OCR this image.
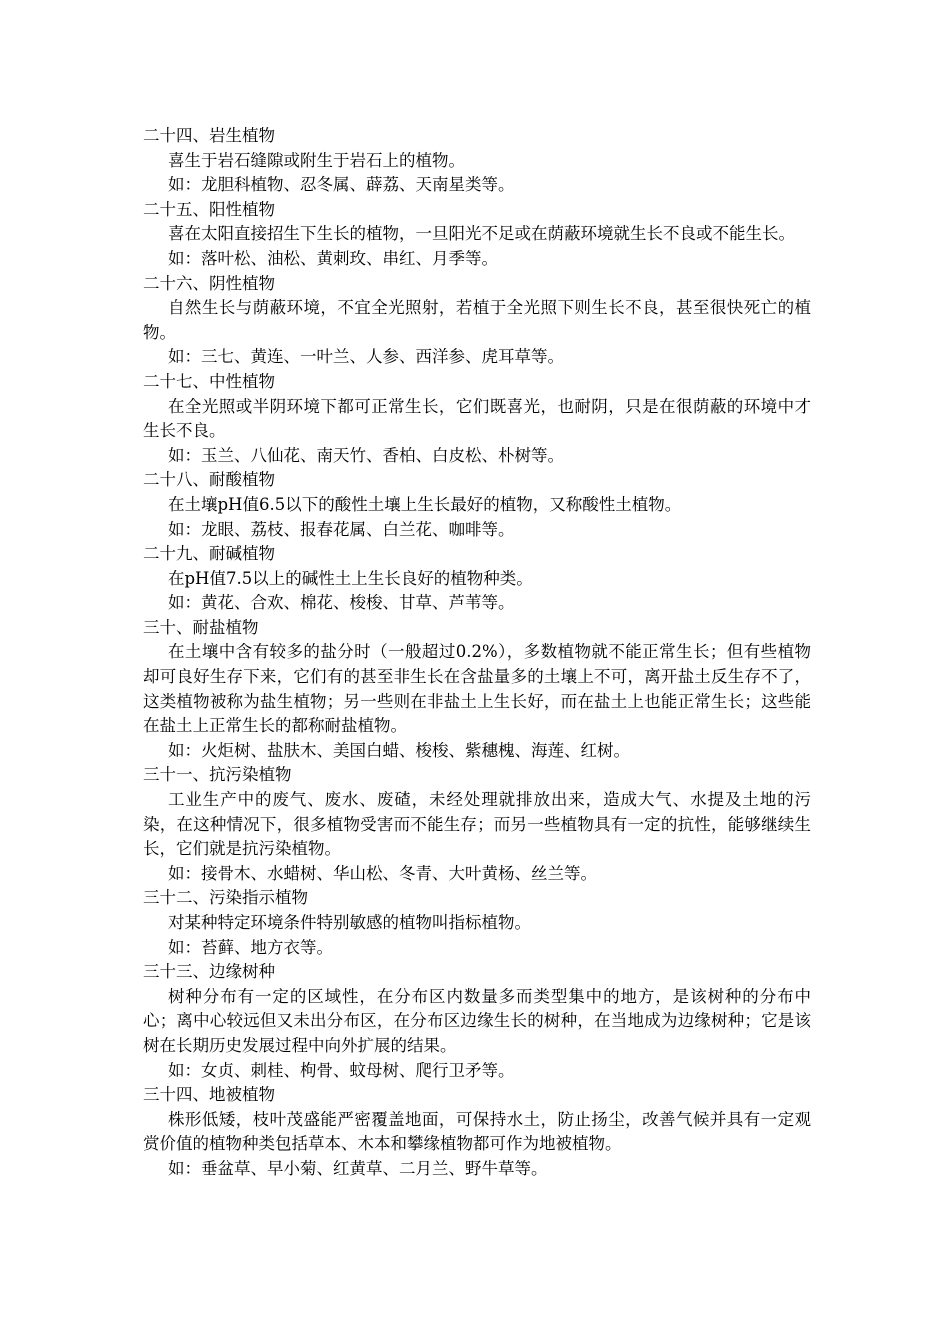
二十四、岩生植物
喜生于岩石缝隙或附生于岩石上的植物。
如：龙胆科植物、忍冬属、薜荔、天南星类等。
二十五、阳性植物
喜在太阳直接招生下生长的植物，一旦阳光不足或在荫蔽环境就生长不良或不能生长。
如：落叶松、油松、黄刺玫、串红、月季等。
二十六、阴性植物
自然生长与荫蔽环境，不宜全光照射，若植于全光照下则生长不良，甚至很快死亡的植物。
如：三七、黄连、一叶兰、人参、西洋参、虎耳草等。
二十七、中性植物
在全光照或半阴环境下都可正常生长，它们既喜光，也耐阴，只是在很荫蔽的环境中才生长不良。
如：玉兰、八仙花、南天竹、香柏、白皮松、朴树等。
二十八、耐酸植物
在土壤pH值6.5以下的酸性土壤上生长最好的植物，又称酸性土植物。
如：龙眼、荔枝、报春花属、白兰花、咖啡等。
二十九、耐碱植物
在pH值7.5以上的碱性土上生长良好的植物种类。
如：黄花、合欢、棉花、梭梭、甘草、芦苇等。
三十、耐盐植物
在土壤中含有较多的盐分时（一般超过0.2%），多数植物就不能正常生长；但有些植物却可良好生存下来，它们有的甚至非生长在含盐量多的土壤上不可，离开盐土反生存不了，这类植物被称为盐生植物；另一些则在非盐土上生长好，而在盐土上也能正常生长；这些能在盐土上正常生长的都称耐盐植物。
如：火炬树、盐肤木、美国白蜡、梭梭、紫穗槐、海莲、红树。
三十一、抗污染植物
工业生产中的废气、废水、废碴，未经处理就排放出来，造成大气、水提及土地的污染，在这种情况下，很多植物受害而不能生存；而另一些植物具有一定的抗性，能够继续生长，它们就是抗污染植物。
如：接骨木、水蜡树、华山松、冬青、大叶黄杨、丝兰等。
三十二、污染指示植物
对某种特定环境条件特别敏感的植物叫指标植物。
如：苔藓、地方衣等。
三十三、边缘树种
树种分布有一定的区域性，在分布区内数量多而类型集中的地方，是该树种的分布中心；离中心较远但又未出分布区，在分布区边缘生长的树种，在当地成为边缘树种；它是该树在长期历史发展过程中向外扩展的结果。
如：女贞、刺桂、枸骨、蚊母树、爬行卫矛等。
三十四、地被植物
株形低矮，枝叶茂盛能严密覆盖地面，可保持水土，防止扬尘，改善气候并具有一定观赏价值的植物种类包括草本、木本和攀缘植物都可作为地被植物。
如：垂盆草、早小菊、红黄草、二月兰、野牛草等。
